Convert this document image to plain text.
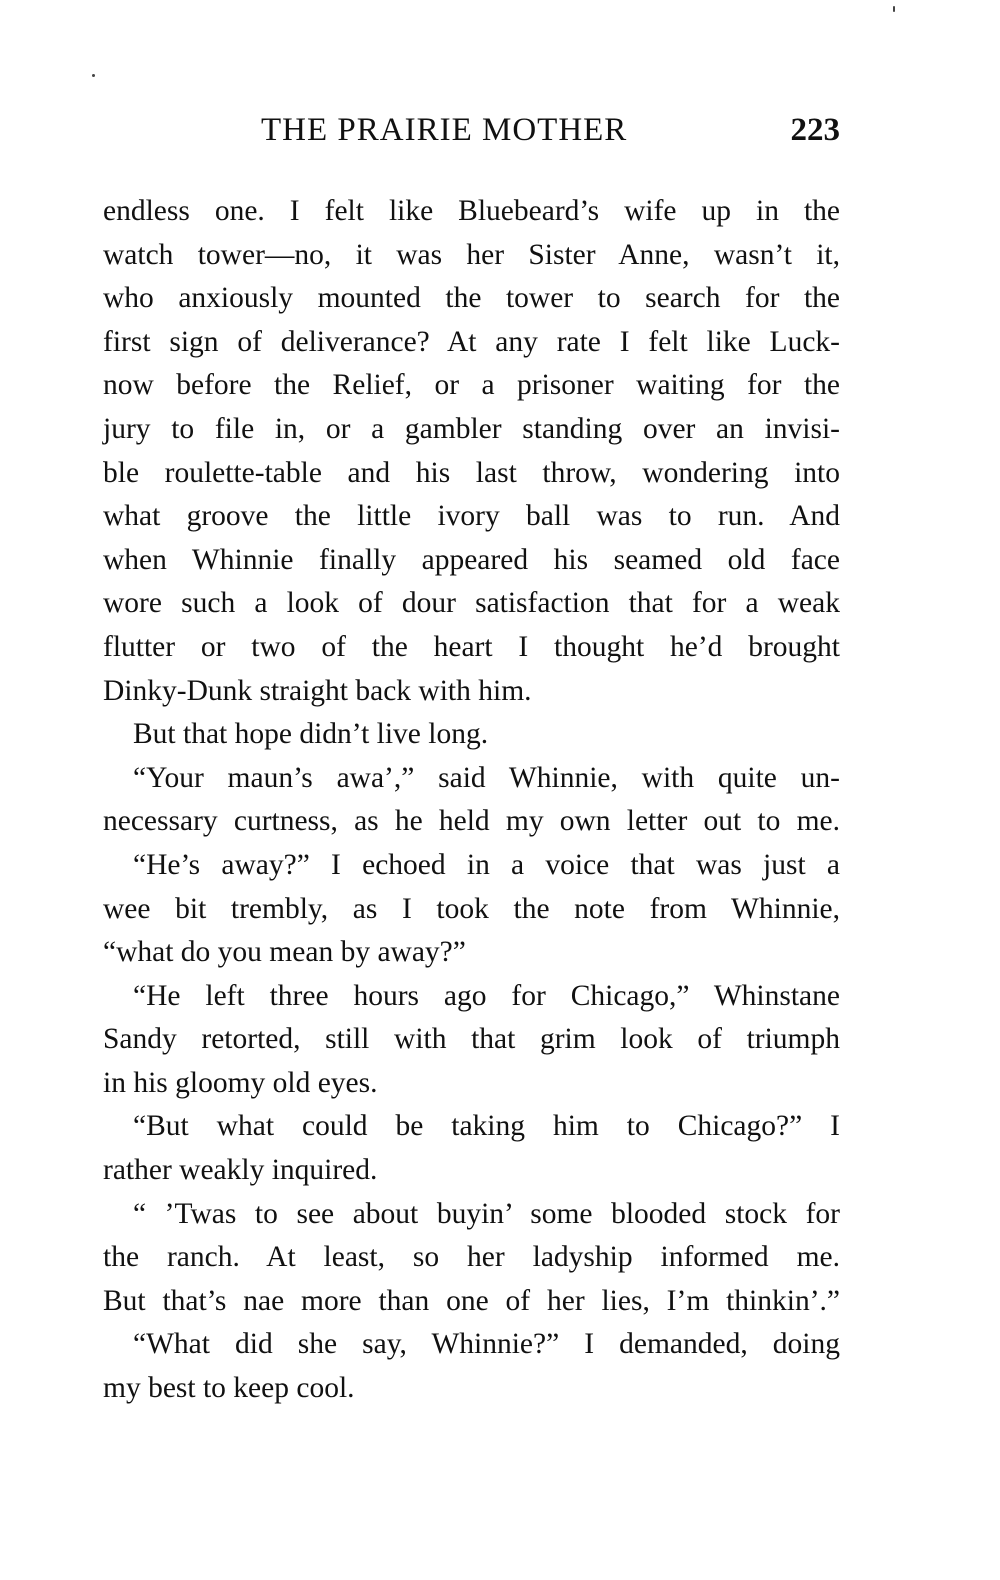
THE PRAIRIE MOTHER	223
endless one. I felt like Bluebeard’s wife up in the
watch tower—no, it was her Sister Anne, wasn’t it,
who anxiously mounted the tower to search for the
first sign of deliverance? At any rate I felt like Luck-
now before the Relief, or a prisoner waiting for the
jury to file in, or a gambler standing over an invisi-
ble roulette-table and his last throw, wondering into
what groove the little ivory ball was to run. And
when Whinnie finally appeared his seamed old face
wore such a look of dour satisfaction that for a weak
flutter or two of the heart I thought he’d brought
Dinky-Dunk straight back with him.
But that hope didn’t live long.
“Your maun’s awa’,” said Whinnie, with quite un-
necessary curtness, as he held my own letter out to me.
“He’s away?” I echoed in a voice that was just a
wee bit trembly, as I took the note from Whinnie,
“what do you mean by away?”
“He left three hours ago for Chicago,” Whinstane
Sandy retorted, still with that grim look of triumph
in his gloomy old eyes.
“But what could be taking him to Chicago?” I
rather weakly inquired.
“ ’Twas to see about buyin’ some blooded stock for
the ranch. At least, so her ladyship informed me.
But that’s nae more than one of her lies, I’m thinkin’.”
“What did she say, Whinnie?” I demanded, doing
my best to keep cool.
